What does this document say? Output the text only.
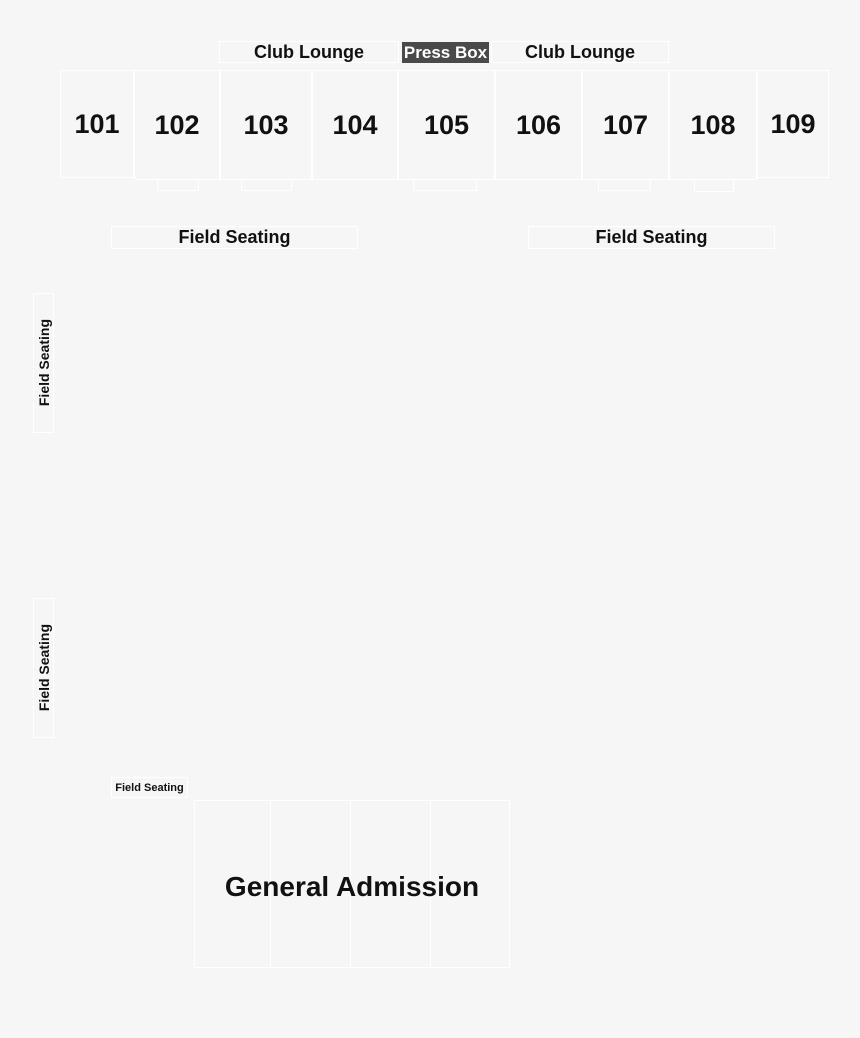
Club Lounge	Press Box	Club Lounge
101 102 103 104 105 106 107 108 109
Field Seating	Field Seating
Field Seating
Field Seating
Field Seating
General Admission
